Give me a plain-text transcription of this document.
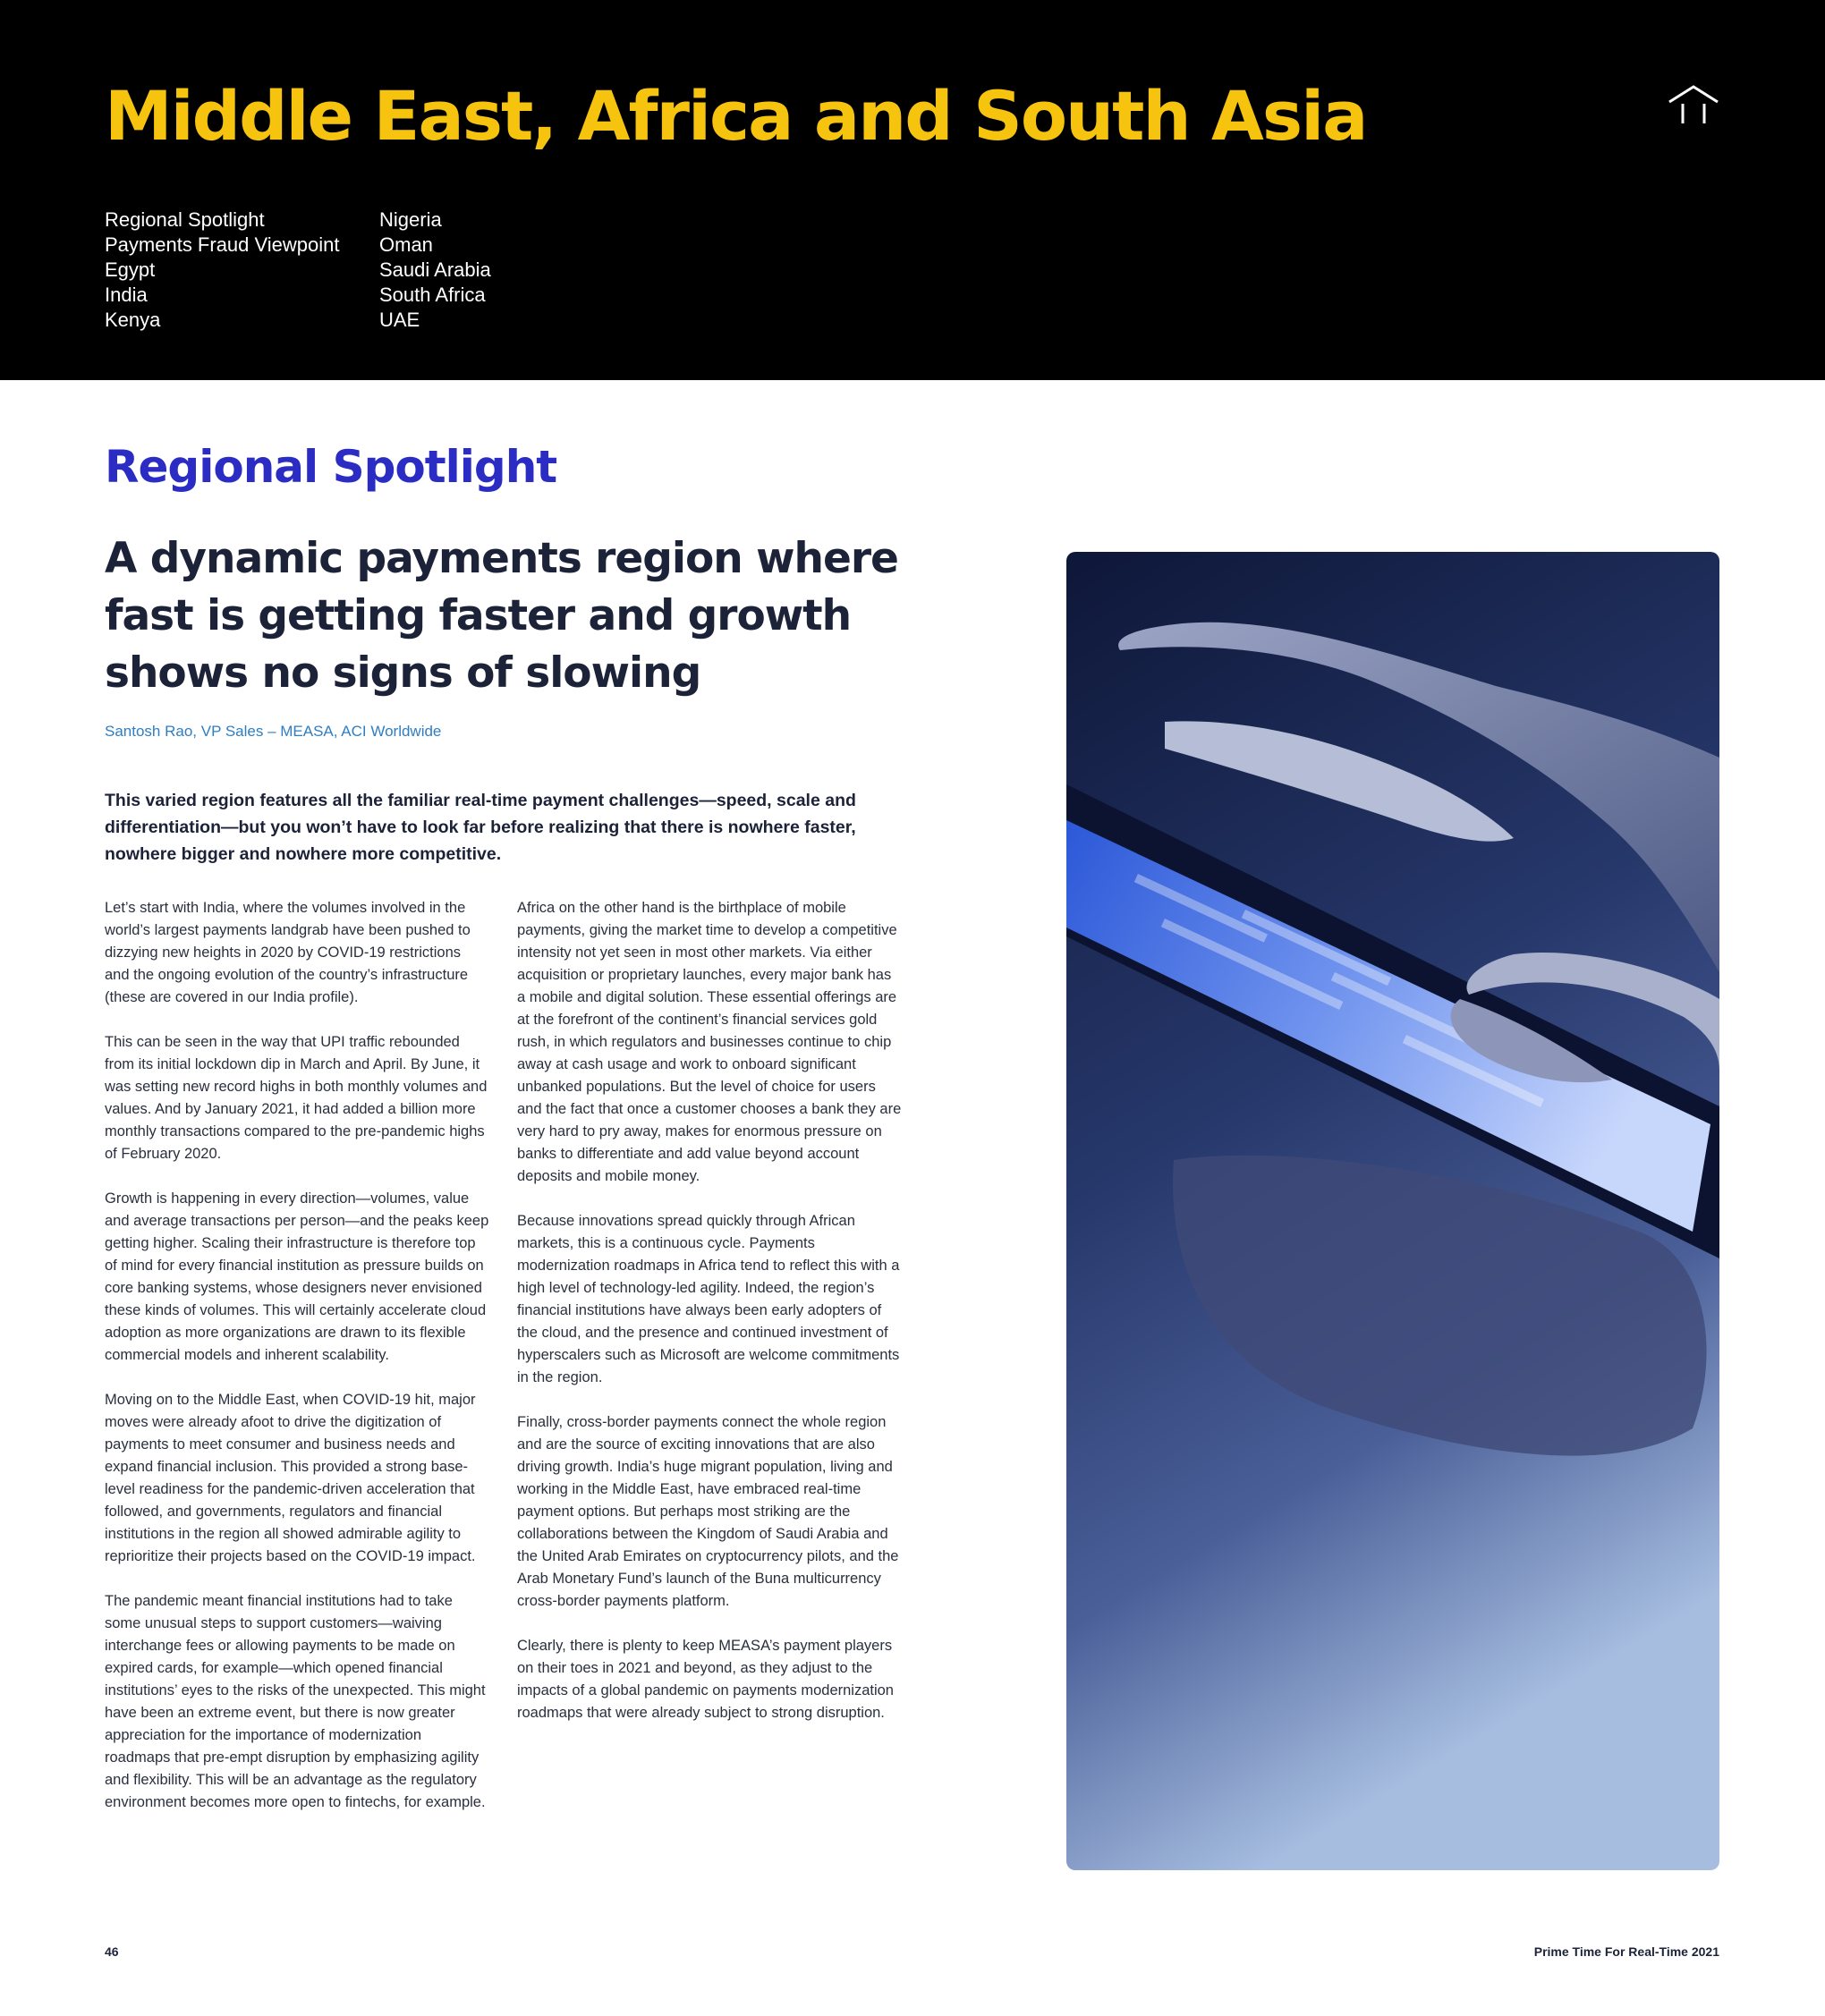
Middle East, Africa and South Asia
Regional Spotlight
Payments Fraud Viewpoint
Egypt
India
Kenya
Nigeria
Oman
Saudi Arabia
South Africa
UAE
Regional Spotlight
A dynamic payments region where fast is getting faster and growth shows no signs of slowing
Santosh Rao, VP Sales – MEASA, ACI Worldwide

This varied region features all the familiar real-time payment challenges—speed, scale and differentiation—but you won’t have to look far before realizing that there is nowhere faster, nowhere bigger and nowhere more competitive.

Let’s start with India, where the volumes involved in the world’s largest payments landgrab have been pushed to dizzying new heights in 2020 by COVID-19 restrictions and the ongoing evolution of the country’s infrastructure (these are covered in our India profile).

This can be seen in the way that UPI traffic rebounded from its initial lockdown dip in March and April. By June, it was setting new record highs in both monthly volumes and values. And by January 2021, it had added a billion more monthly transactions compared to the pre-pandemic highs of February 2020.

Growth is happening in every direction—volumes, value and average transactions per person—and the peaks keep getting higher. Scaling their infrastructure is therefore top of mind for every financial institution as pressure builds on core banking systems, whose designers never envisioned these kinds of volumes. This will certainly accelerate cloud adoption as more organizations are drawn to its flexible commercial models and inherent scalability.

Moving on to the Middle East, when COVID-19 hit, major moves were already afoot to drive the digitization of payments to meet consumer and business needs and expand financial inclusion. This provided a strong base-level readiness for the pandemic-driven acceleration that followed, and governments, regulators and financial institutions in the region all showed admirable agility to reprioritize their projects based on the COVID-19 impact.

The pandemic meant financial institutions had to take some unusual steps to support customers—waiving interchange fees or allowing payments to be made on expired cards, for example—which opened financial institutions’ eyes to the risks of the unexpected. This might have been an extreme event, but there is now greater appreciation for the importance of modernization roadmaps that pre-empt disruption by emphasizing agility and flexibility. This will be an advantage as the regulatory environment becomes more open to fintechs, for example.

Africa on the other hand is the birthplace of mobile payments, giving the market time to develop a competitive intensity not yet seen in most other markets. Via either acquisition or proprietary launches, every major bank has a mobile and digital solution. These essential offerings are at the forefront of the continent’s financial services gold rush, in which regulators and businesses continue to chip away at cash usage and work to onboard significant unbanked populations. But the level of choice for users and the fact that once a customer chooses a bank they are very hard to pry away, makes for enormous pressure on banks to differentiate and add value beyond account deposits and mobile money.

Because innovations spread quickly through African markets, this is a continuous cycle. Payments modernization roadmaps in Africa tend to reflect this with a high level of technology-led agility. Indeed, the region’s financial institutions have always been early adopters of the cloud, and the presence and continued investment of hyperscalers such as Microsoft are welcome commitments in the region.

Finally, cross-border payments connect the whole region and are the source of exciting innovations that are also driving growth. India’s huge migrant population, living and working in the Middle East, have embraced real-time payment options. But perhaps most striking are the collaborations between the Kingdom of Saudi Arabia and the United Arab Emirates on cryptocurrency pilots, and the Arab Monetary Fund’s launch of the Buna multicurrency cross-border payments platform.

Clearly, there is plenty to keep MEASA’s payment players on their toes in 2021 and beyond, as they adjust to the impacts of a global pandemic on payments modernization roadmaps that were already subject to strong disruption.

46	Prime Time For Real-Time 2021
